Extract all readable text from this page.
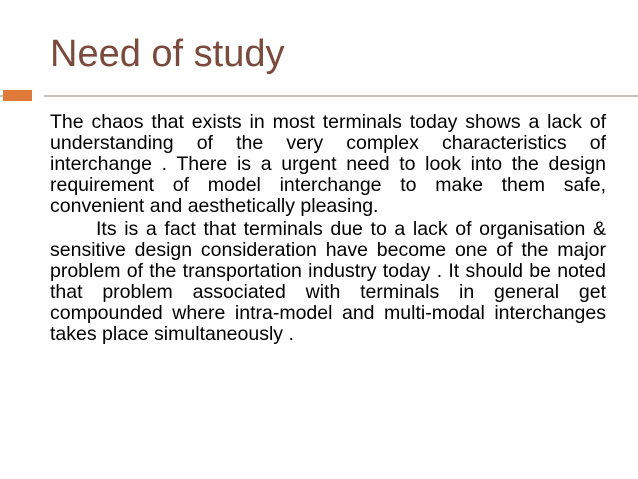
Need of study

The chaos that exists in most terminals today shows a lack of understanding of the very complex characteristics of interchange . There is a urgent need to look into the design requirement of model interchange to make them safe, convenient and aesthetically pleasing.

Its is a fact that terminals due to a lack of organisation & sensitive design consideration have become one of the major problem of the transportation industry today . It should be noted that problem associated with terminals in general get compounded where intra-model and multi-modal interchanges takes place simultaneously .
